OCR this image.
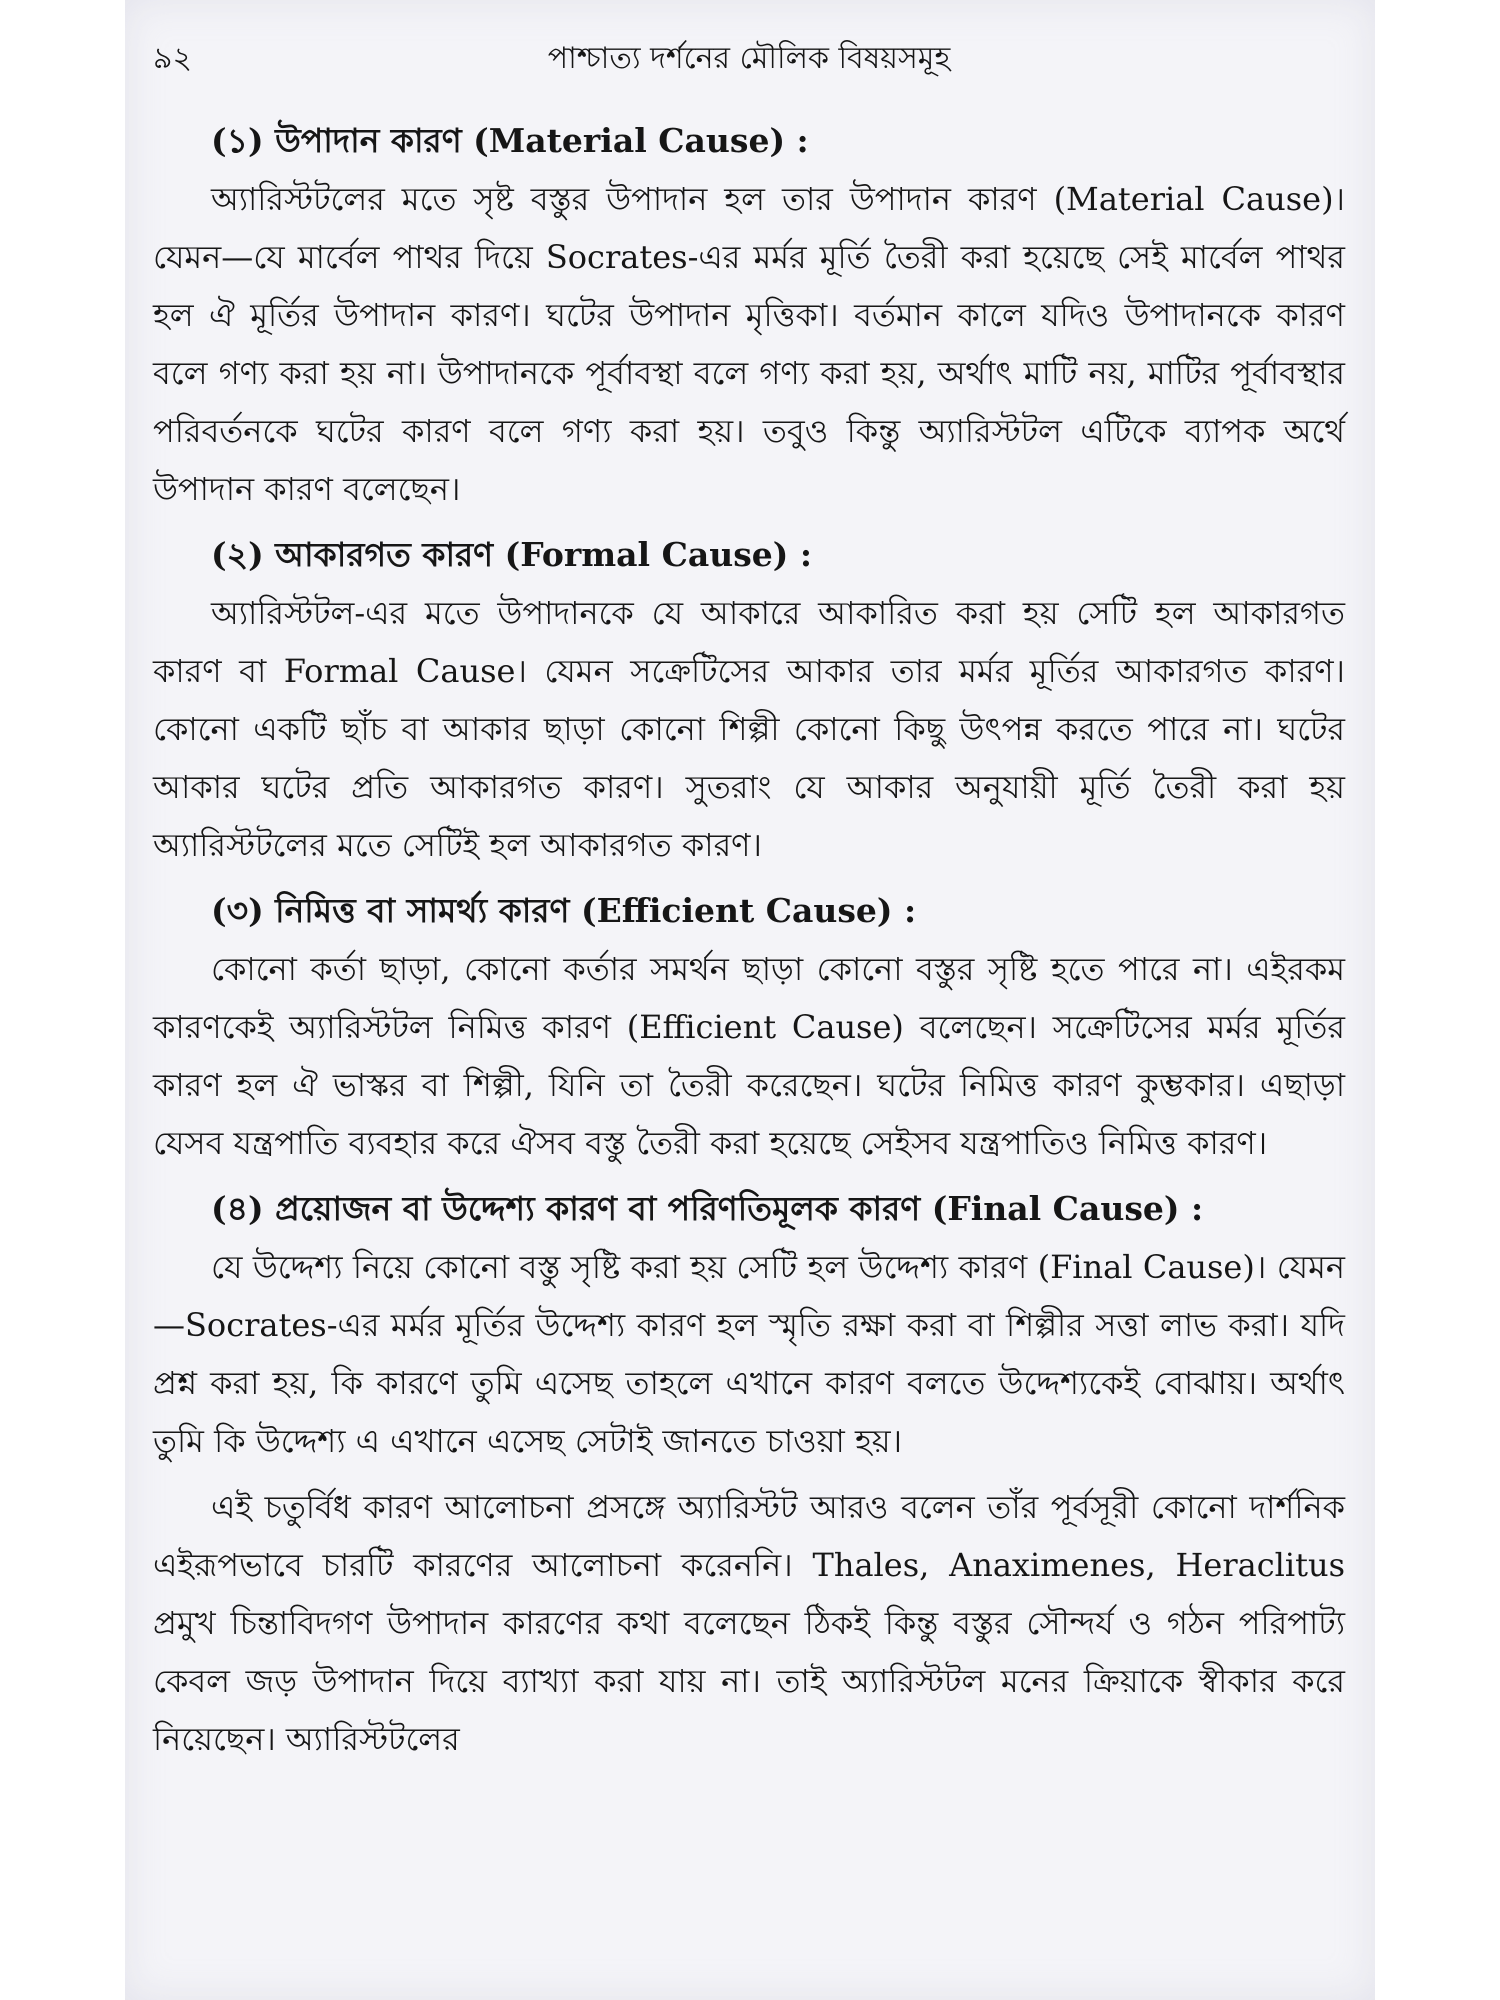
পাশ্চাত্য দর্শনের মৌলিক বিষয়সমূহ
৯২
(১) উপাদান কারণ (Material Cause) :

অ্যারিস্টটলের মতে সৃষ্ট বস্তুর উপাদান হল তার উপাদান কারণ (Material Cause)। যেমন—যে মার্বেল পাথর দিয়ে Socrates-এর মর্মর মূর্তি তৈরী করা হয়েছে সেই মার্বেল পাথর হল ঐ মূর্তির উপাদান কারণ। ঘটের উপাদান মৃত্তিকা। বর্তমান কালে যদিও উপাদানকে কারণ বলে গণ্য করা হয় না। উপাদানকে পূর্বাবস্থা বলে গণ্য করা হয়, অর্থাৎ মাটি নয়, মাটির পূর্বাবস্থার পরিবর্তনকে ঘটের কারণ বলে গণ্য করা হয়। তবুও কিন্তু অ্যারিস্টটল এটিকে ব্যাপক অর্থে উপাদান কারণ বলেছেন।

(২) আকারগত কারণ (Formal Cause) :

অ্যারিস্টটল-এর মতে উপাদানকে যে আকারে আকারিত করা হয় সেটি হল আকারগত কারণ বা Formal Cause। যেমন সক্রেটিসের আকার তার মর্মর মূর্তির আকারগত কারণ। কোনো একটি ছাঁচ বা আকার ছাড়া কোনো শিল্পী কোনো কিছু উৎপন্ন করতে পারে না। ঘটের আকার ঘটের প্রতি আকারগত কারণ। সুতরাং যে আকার অনুযায়ী মূর্তি তৈরী করা হয় অ্যারিস্টটলের মতে সেটিই হল আকারগত কারণ।

(৩) নিমিত্ত বা সামর্থ্য কারণ (Efficient Cause) :

কোনো কর্তা ছাড়া, কোনো কর্তার সমর্থন ছাড়া কোনো বস্তুর সৃষ্টি হতে পারে না। এইরকম কারণকেই অ্যারিস্টটল নিমিত্ত কারণ (Efficient Cause) বলেছেন। সক্রেটিসের মর্মর মূর্তির কারণ হল ঐ ভাস্কর বা শিল্পী, যিনি তা তৈরী করেছেন। ঘটের নিমিত্ত কারণ কুম্ভকার। এছাড়া যেসব যন্ত্রপাতি ব্যবহার করে ঐসব বস্তু তৈরী করা হয়েছে সেইসব যন্ত্রপাতিও নিমিত্ত কারণ।

(৪) প্রয়োজন বা উদ্দেশ্য কারণ বা পরিণতিমূলক কারণ (Final Cause) :

যে উদ্দেশ্য নিয়ে কোনো বস্তু সৃষ্টি করা হয় সেটি হল উদ্দেশ্য কারণ (Final Cause)। যেমন—Socrates-এর মর্মর মূর্তির উদ্দেশ্য কারণ হল স্মৃতি রক্ষা করা বা শিল্পীর সত্তা লাভ করা। যদি প্রশ্ন করা হয়, কি কারণে তুমি এসেছ তাহলে এখানে কারণ বলতে উদ্দেশ্যকেই বোঝায়। অর্থাৎ তুমি কি উদ্দেশ্য এ এখানে এসেছ সেটাই জানতে চাওয়া হয়।

এই চতুর্বিধ কারণ আলোচনা প্রসঙ্গে অ্যারিস্টট আরও বলেন তাঁর পূর্বসূরী কোনো দার্শনিক এইরূপভাবে চারটি কারণের আলোচনা করেননি। Thales, Anaximenes, Heraclitus প্রমুখ চিন্তাবিদগণ উপাদান কারণের কথা বলেছেন ঠিকই কিন্তু বস্তুর সৌন্দর্য ও গঠন পরিপাট্য কেবল জড় উপাদান দিয়ে ব্যাখ্যা করা যায় না। তাই অ্যারিস্টটল মনের ক্রিয়াকে স্বীকার করে নিয়েছেন। অ্যারিস্টটলের
